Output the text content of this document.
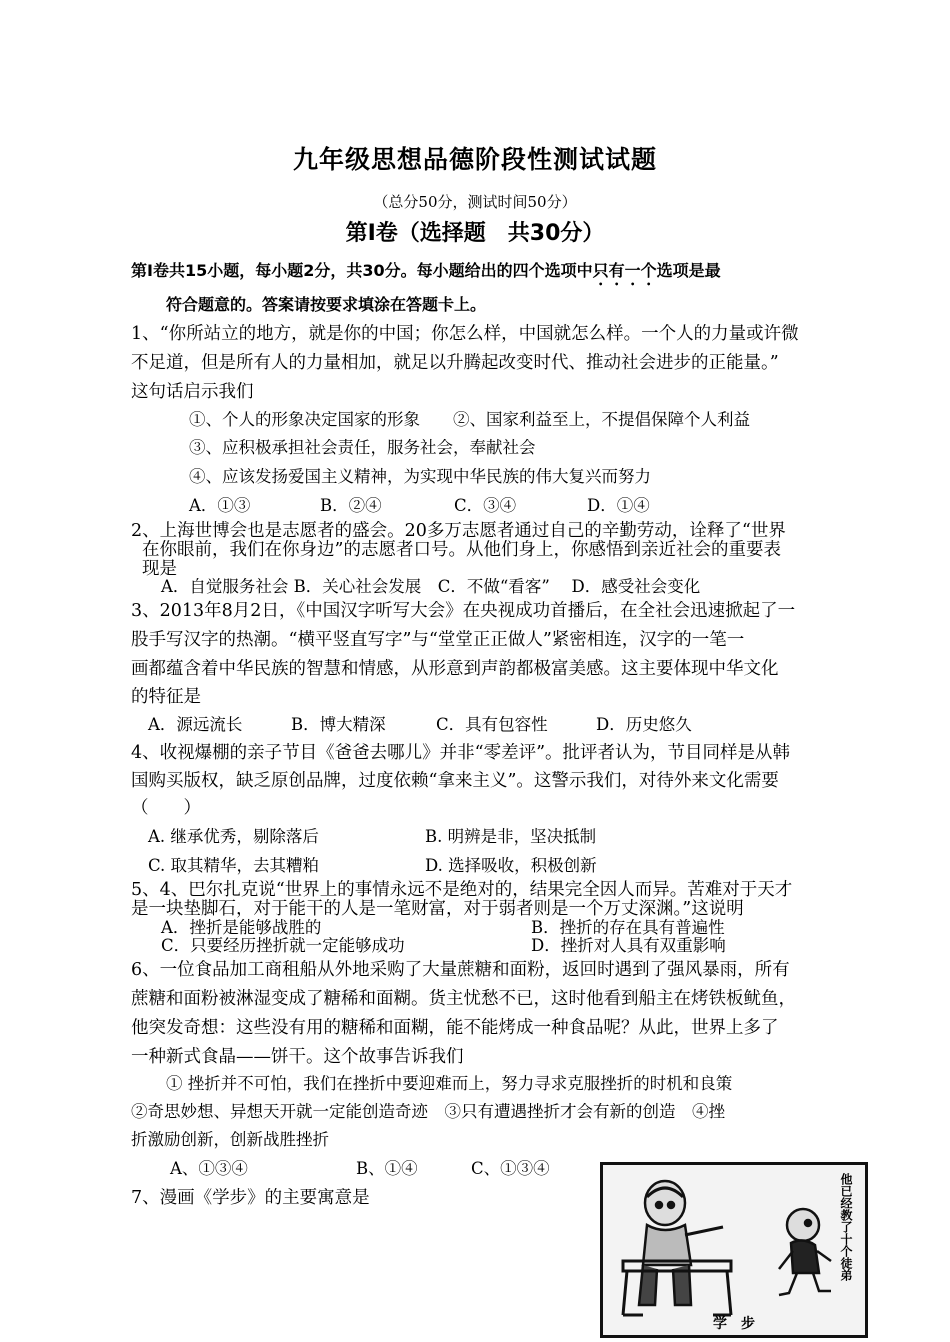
九年级思想品德阶段性测试试题
（总分50分，测试时间50分）
第Ⅰ卷（选择题　共30分）
第Ⅰ卷共15小题，每小题2分，共30分。每小题给出的四个选项中只有一个选项是最
符合题意的。答案请按要求填涂在答题卡上。
1、“你所站立的地方，就是你的中国；你怎么样，中国就怎么样。一个人的力量或许微
不足道，但是所有人的力量相加，就足以升腾起改变时代、推动社会进步的正能量。”
这句话启示我们
①、个人的形象决定国家的形象　　②、国家利益至上，不提倡保障个人利益
③、应积极承担社会责任，服务社会，奉献社会
④、应该发扬爱国主义精神，为实现中华民族的伟大复兴而努力
A．①③	B．②④	C．③④	D．①④
2、上海世博会也是志愿者的盛会。20多万志愿者通过自己的辛勤劳动，诠释了“世界
在你眼前，我们在你身边”的志愿者口号。从他们身上，你感悟到亲近社会的重要表
现是
A．自觉服务社会 B．关心社会发展　C．不做“看客”　 D．感受社会变化
3、2013年8月2日，《中国汉字听写大会》在央视成功首播后，在全社会迅速掀起了一
股手写汉字的热潮。“横平竖直写字”与“堂堂正正做人”紧密相连，汉字的一笔一
画都蕴含着中华民族的智慧和情感，从形意到声韵都极富美感。这主要体现中华文化
的特征是
A．源远流长	B．博大精深	C．具有包容性	D．历史悠久
4、收视爆棚的亲子节目《爸爸去哪儿》并非“零差评”。批评者认为，节目同样是从韩
国购买版权，缺乏原创品牌，过度依赖“拿来主义”。这警示我们，对待外来文化需要
（　　）
A. 继承优秀，剔除落后	B. 明辨是非，坚决抵制
C. 取其精华，去其糟粕	D. 选择吸收，积极创新
5、4、巴尔扎克说“世界上的事情永远不是绝对的，结果完全因人而异。苦难对于天才
是一块垫脚石，对于能干的人是一笔财富，对于弱者则是一个万丈深渊。”这说明
A．挫折是能够战胜的	B．挫折的存在具有普遍性
C．只要经历挫折就一定能够成功	D．挫折对人具有双重影响
6、一位食品加工商租船从外地采购了大量蔗糖和面粉，返回时遇到了强风暴雨，所有
蔗糖和面粉被淋湿变成了糖稀和面糊。货主忧愁不已，这时他看到船主在烤铁板鱿鱼，
他突发奇想：这些没有用的糖稀和面糊，能不能烤成一种食品呢？从此，世界上多了
一种新式食晶——饼干。这个故事告诉我们
① 挫折并不可怕，我们在挫折中要迎难而上，努力寻求克服挫折的时机和良策
②奇思妙想、异想天开就一定能创造奇迹　③只有遭遇挫折才会有新的创造　④挫
折激励创新，创新战胜挫折
A、①③④	B、①④	C、①③④
7、漫画《学步》的主要寓意是	他已经教了十个徒弟
学　步
